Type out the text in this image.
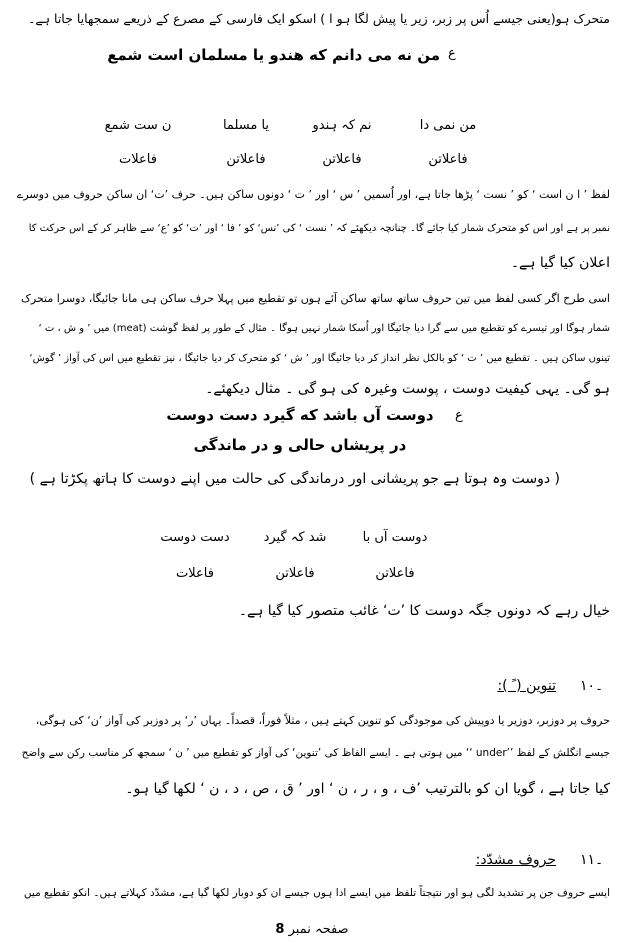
متحرک ہو(یعنی جیسے اُس پر زبر، زیر یا پیش لگا ہو ا ) اسکو ایک فارسی کے مصرع کے ذریعے سمجھایا جاتا ہے۔
ع
من نه می دانم که هندو یا مسلمان است شمع
من نمی دا
نم کہ ہندو
یا مسلما
ن ست شمع
فاعلاتن
فاعلاتن
فاعلاتن
فاعلات
لفظ ’ ا ن است ‘ کو ’ نست ‘ پڑھا جاتا ہے، اور اُسمیں ’ س ‘ اور ’ ت ‘ دونوں ساکن ہیں۔ حرف ’ت‘ ان ساکن حروف میں دوسرے
نمبر پر ہے اور اس کو متحرک شمار کیا جائے گا۔ چنانچہ دیکھئے کہ ’ نست ‘ کی ’نس‘ کو ’ فا ‘ اور ’ت‘ کو ’ع‘ سے ظاہر کر کے اس حرکت کا
اعلان کیا گیا ہے۔
اسی طرح اگر کسی لفظ میں تین حروف ساتھ ساتھ ساکن آئے ہوں تو تقطیع میں پہلا حرف ساکن ہی مانا جائیگا، دوسرا متحرک
شمار ہوگا اور تیسرے کو تقطیع میں سے گرا دیا جائیگا اور اُسکا شمار نہیں ہوگا ۔ مثال کے طور پر لفظ گوشت (meat) میں ’ و ش ، ت ‘
تینوں ساکن ہیں ۔ تقطیع میں ’ ت ‘ کو بالکل نظر انداز کر دیا جائیگا اور ’ ش ‘ کو متحرک کر دیا جائیگا ، نیز تقطیع میں اس کی آواز ’ گوش‘
ہو گی۔ یہی کیفیت دوست ، پوست وغیرہ کی ہو گی ۔ مثال دیکھئے۔
ع
دوست آں باشد که گیرد دست دوست
در پریشاں حالی و در ماندگی
( دوست وہ ہوتا ہے جو پریشانی اور درماندگی کی حالت میں اپنے دوست کا ہاتھ پکڑتا ہے )
دوست آں با
شد کہ گیرد
دست دوست
فاعلاتن
فاعلاتن
فاعلات
خیال رہے کہ دونوں جگہ دوست کا ’ت‘ غائب متصور کیا گیا ہے۔
۱۰۔
تنوین ( ً ):
حروف پر دوزبر، دوزیر یا دوپیش کی موجودگی کو تنوین کہتے ہیں ، مثلاً فوراً، قصداً۔ یہاں ’ر‘ پر دوزبر کی آواز ’ن‘ کی ہوگی،
جیسے انگلش کے لفظ ’’under ‘‘ میں ہوتی ہے ۔ ایسے الفاظ کی ’تنوین‘ کی آواز کو تقطیع میں ’ ن ‘ سمجھ کر مناسب رکن سے واضح
کیا جاتا ہے ، گویا ان کو بالترتیب ’ف ، و ، ر ، ن ‘ اور ’ ق ، ص ، د ، ن ‘ لکھا گیا ہو۔
۱۱۔
حروف مشدّد:
ایسے حروف جن پر تشدید لگی ہو اور نتیجتاً تلفظ میں ایسے ادا ہوں جیسے ان کو دوبار لکھا گیا ہے، مشدّد کہلاتے ہیں۔ انکو تقطیع میں
صفحہ نمبر 8
